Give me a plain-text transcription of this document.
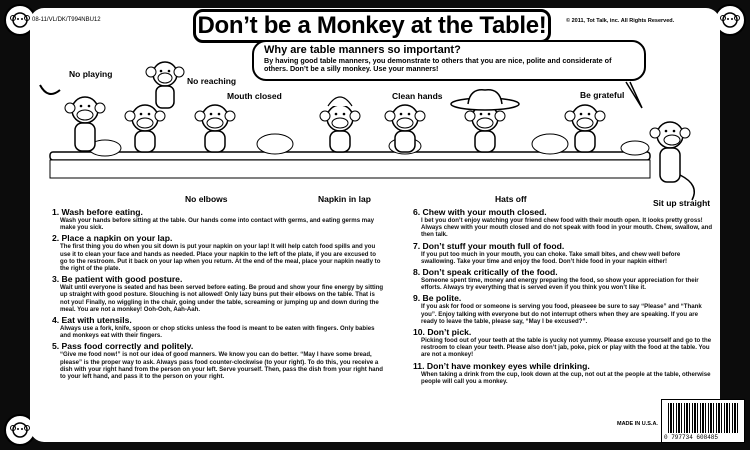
08-11/VL/DK/T994NBU12	© 2011, Tot Talk, inc. All Rights Reserved.
Don’t be a Monkey at the Table!
Why are table manners so important?
By having good table manners, you demonstrate to others that you are nice, polite and considerate of others. Don’t be a silly monkey. Use your manners!
No playing
No reaching
Mouth closed	Clean hands	Be grateful
No elbows	Napkin in lap	Hats off	Sit up straight
1. Wash before eating.
Wash your hands before sitting at the table. Our hands come into contact with germs, and eating germs may make you sick.
2. Place a napkin on your lap.
The first thing you do when you sit down is put your napkin on your lap! It will help catch food spills and you use it to clean your face and hands as needed. Place your napkin to the left of the plate, if you are excused to go to the restroom. Put it back on your lap when you return. At the end of the meal, place your napkin neatly to the right of the plate.
3. Be patient with good posture.
Wait until everyone is seated and has been served before eating. Be proud and show your fine energy by sitting up straight with good posture. Slouching is not allowed! Only lazy buns put their elbows on the table. That is not you! Finally, no wiggling in the chair, going under the table, screaming or jumping up and down during the meal. You are not a monkey! Ooh-Ooh, Aah-Aah.
4. Eat with utensils.
Always use a fork, knife, spoon or chop sticks unless the food is meant to be eaten with fingers. Only babies and monkeys eat with their fingers.
5. Pass food correctly and politely.
“Give me food now!” is not our idea of good manners. We know you can do better. “May I have some bread, please” is the proper way to ask. Always pass food counter-clockwise (to your right). To do this, you receive a dish with your right hand from the person on your left. Serve yourself. Then, pass the dish from your right hand to your left hand, and pass it to the person on your right.
6. Chew with your mouth closed.
I bet you don’t enjoy watching your friend chew food with their mouth open. It looks pretty gross! Always chew with your mouth closed and do not speak with food in your mouth. Chew, swallow, and then talk.
7. Don’t stuff your mouth full of food.
If you put too much in your mouth, you can choke. Take small bites, and chew well before swallowing. Take your time and enjoy the food. Don’t hide food in your napkin either!
8. Don’t speak critically of the food.
Someone spent time, money and energy preparing the food, so show your appreciation for their efforts. Always try everything that is served even if you think you won’t like it.
9. Be polite.
If you ask for food or someone is serving you food, pleaseee be sure to say “Please” and “Thank you”. Enjoy talking with everyone but do not interrupt others when they are speaking. If you are ready to leave the table, please say, “May I be excused?”.
10. Don’t pick.
Picking food out of your teeth at the table is yucky not yummy. Please excuse yourself and go to the restroom to clean your teeth. Please also don’t jab, poke, pick or play with the food at the table. You are not a monkey!
11. Don’t have monkey eyes while drinking.
When taking a drink from the cup, look down at the cup, not out at the people at the table, otherwise people will call you a monkey.
MADE IN U.S.A.
0 797734 608485
